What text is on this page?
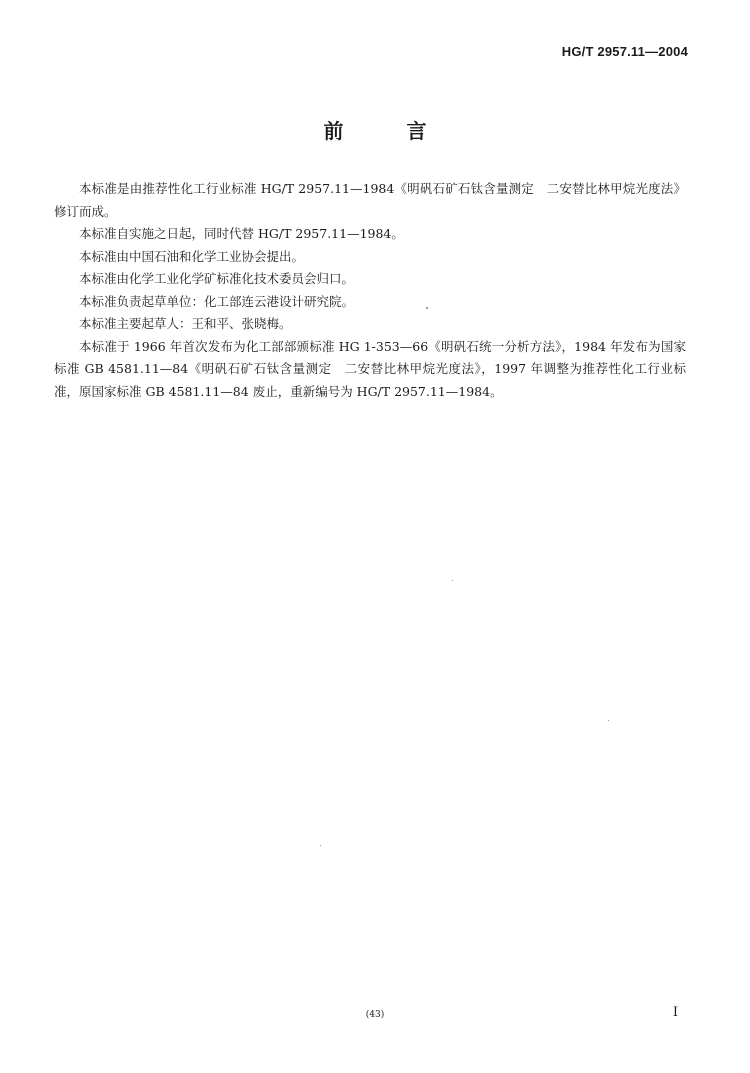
HG/T 2957.11—2004
前 言

本标准是由推荐性化工行业标准 HG/T 2957.11—1984《明矾石矿石钛含量测定　二安替比林甲烷光度法》修订而成。

本标准自实施之日起，同时代替 HG/T 2957.11—1984。

本标准由中国石油和化学工业协会提出。

本标准由化学工业化学矿标准化技术委员会归口。

本标准负责起草单位：化工部连云港设计研究院。

本标准主要起草人：王和平、张晓梅。

本标准于 1966 年首次发布为化工部部颁标准 HG 1-353—66《明矾石统一分析方法》，1984 年发布为国家标准 GB 4581.11—84《明矾石矿石钛含量测定　二安替比林甲烷光度法》，1997 年调整为推荐性化工行业标准，原国家标准 GB 4581.11—84 废止，重新编号为 HG/T 2957.11—1984。

(43)	I
